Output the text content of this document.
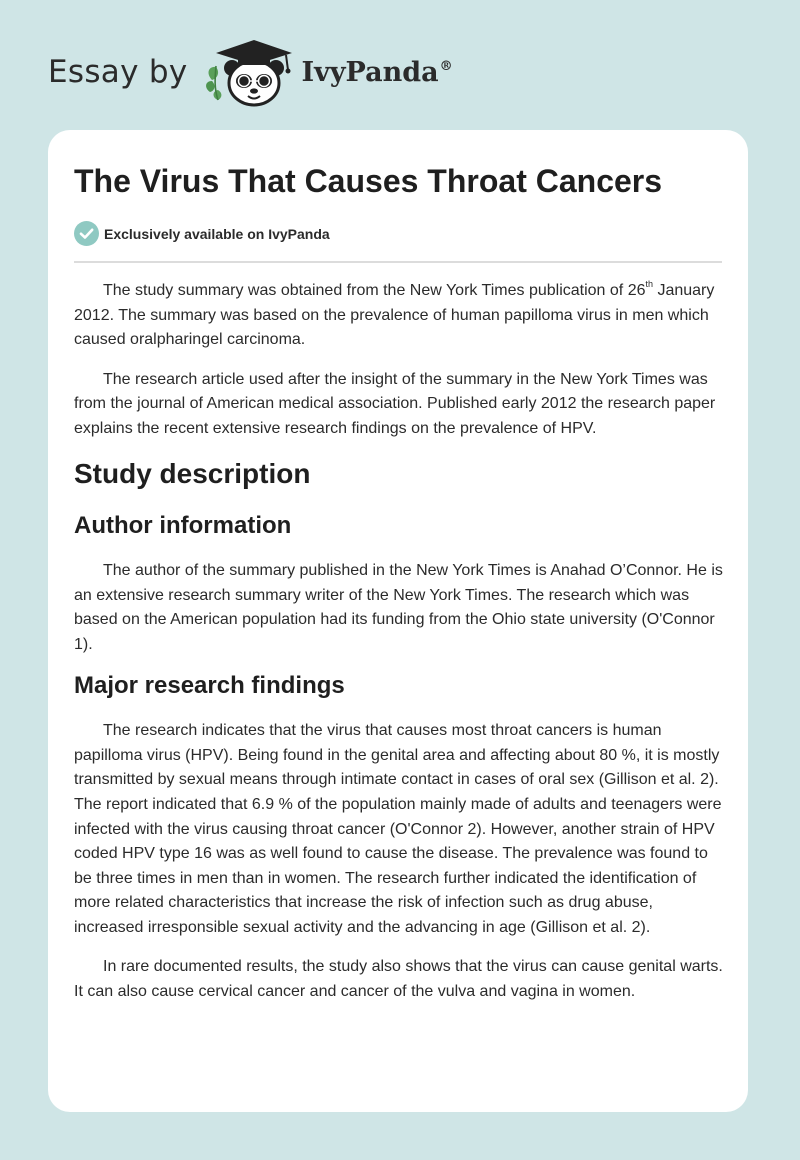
Essay by	IvyPanda®
The Virus That Causes Throat Cancers
Exclusively available on IvyPanda

The study summary was obtained from the New York Times publication of 26th January 2012. The summary was based on the prevalence of human papilloma virus in men which caused oralpharingel carcinoma.

The research article used after the insight of the summary in the New York Times was from the journal of American medical association. Published early 2012 the research paper explains the recent extensive research findings on the prevalence of HPV.

Study description
Author information

The author of the summary published in the New York Times is Anahad O’Connor. He is an extensive research summary writer of the New York Times. The research which was based on the American population had its funding from the Ohio state university (O'Connor 1).

Major research findings

The research indicates that the virus that causes most throat cancers is human papilloma virus (HPV). Being found in the genital area and affecting about 80 %, it is mostly transmitted by sexual means through intimate contact in cases of oral sex (Gillison et al. 2). The report indicated that 6.9 % of the population mainly made of adults and teenagers were infected with the virus causing throat cancer (O'Connor 2). However, another strain of HPV coded HPV type 16 was as well found to cause the disease. The prevalence was found to be three times in men than in women. The research further indicated the identification of more related characteristics that increase the risk of infection such as drug abuse, increased irresponsible sexual activity and the advancing in age (Gillison et al. 2).

In rare documented results, the study also shows that the virus can cause genital warts. It can also cause cervical cancer and cancer of the vulva and vagina in women.
